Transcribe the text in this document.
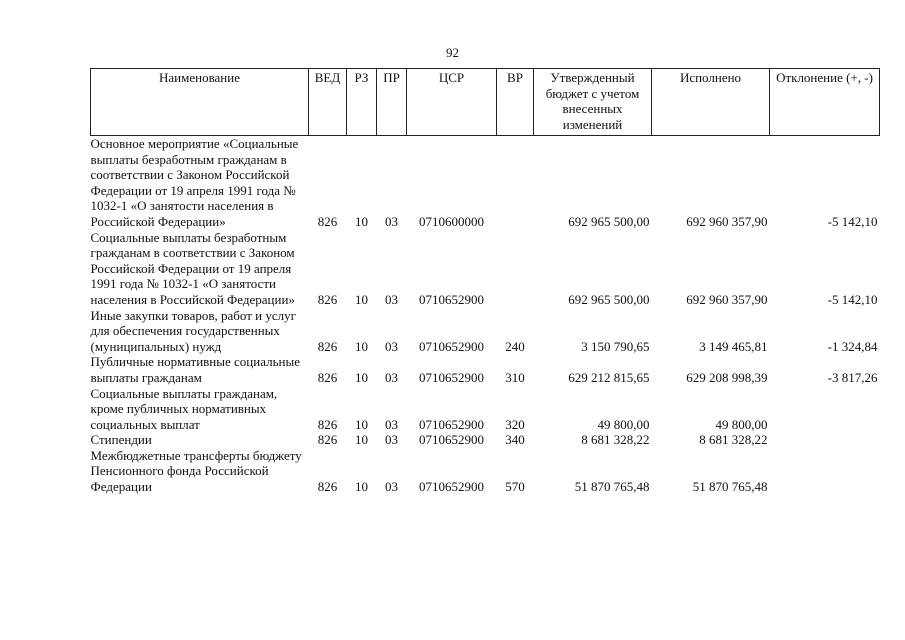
92
Наименование	ВЕД	РЗ	ПР	ЦСР	ВР	Утвержденный бюджет с учетом внесенных изменений	Исполнено	Отклонение (+, -)
Основное мероприятие «Социальные выплаты безработным гражданам в соответствии с Законом Российской Федерации от 19 апреля 1991 года № 1032-1 «О занятости населения в Российской Федерации»	826	10	03	0710600000		692 965 500,00	692 960 357,90	-5 142,10
Социальные выплаты безработным гражданам в соответствии с Законом Российской Федерации от 19 апреля 1991 года № 1032-1 «О занятости населения в Российской Федерации»	826	10	03	0710652900		692 965 500,00	692 960 357,90	-5 142,10
Иные закупки товаров, работ и услуг для обеспечения государственных (муниципальных) нужд	826	10	03	0710652900	240	3 150 790,65	3 149 465,81	-1 324,84
Публичные нормативные социальные выплаты гражданам	826	10	03	0710652900	310	629 212 815,65	629 208 998,39	-3 817,26
Социальные выплаты гражданам, кроме публичных нормативных социальных выплат	826	10	03	0710652900	320	49 800,00	49 800,00	
Стипендии	826	10	03	0710652900	340	8 681 328,22	8 681 328,22	
Межбюджетные трансферты бюджету Пенсионного фонда Российской Федерации	826	10	03	0710652900	570	51 870 765,48	51 870 765,48	
